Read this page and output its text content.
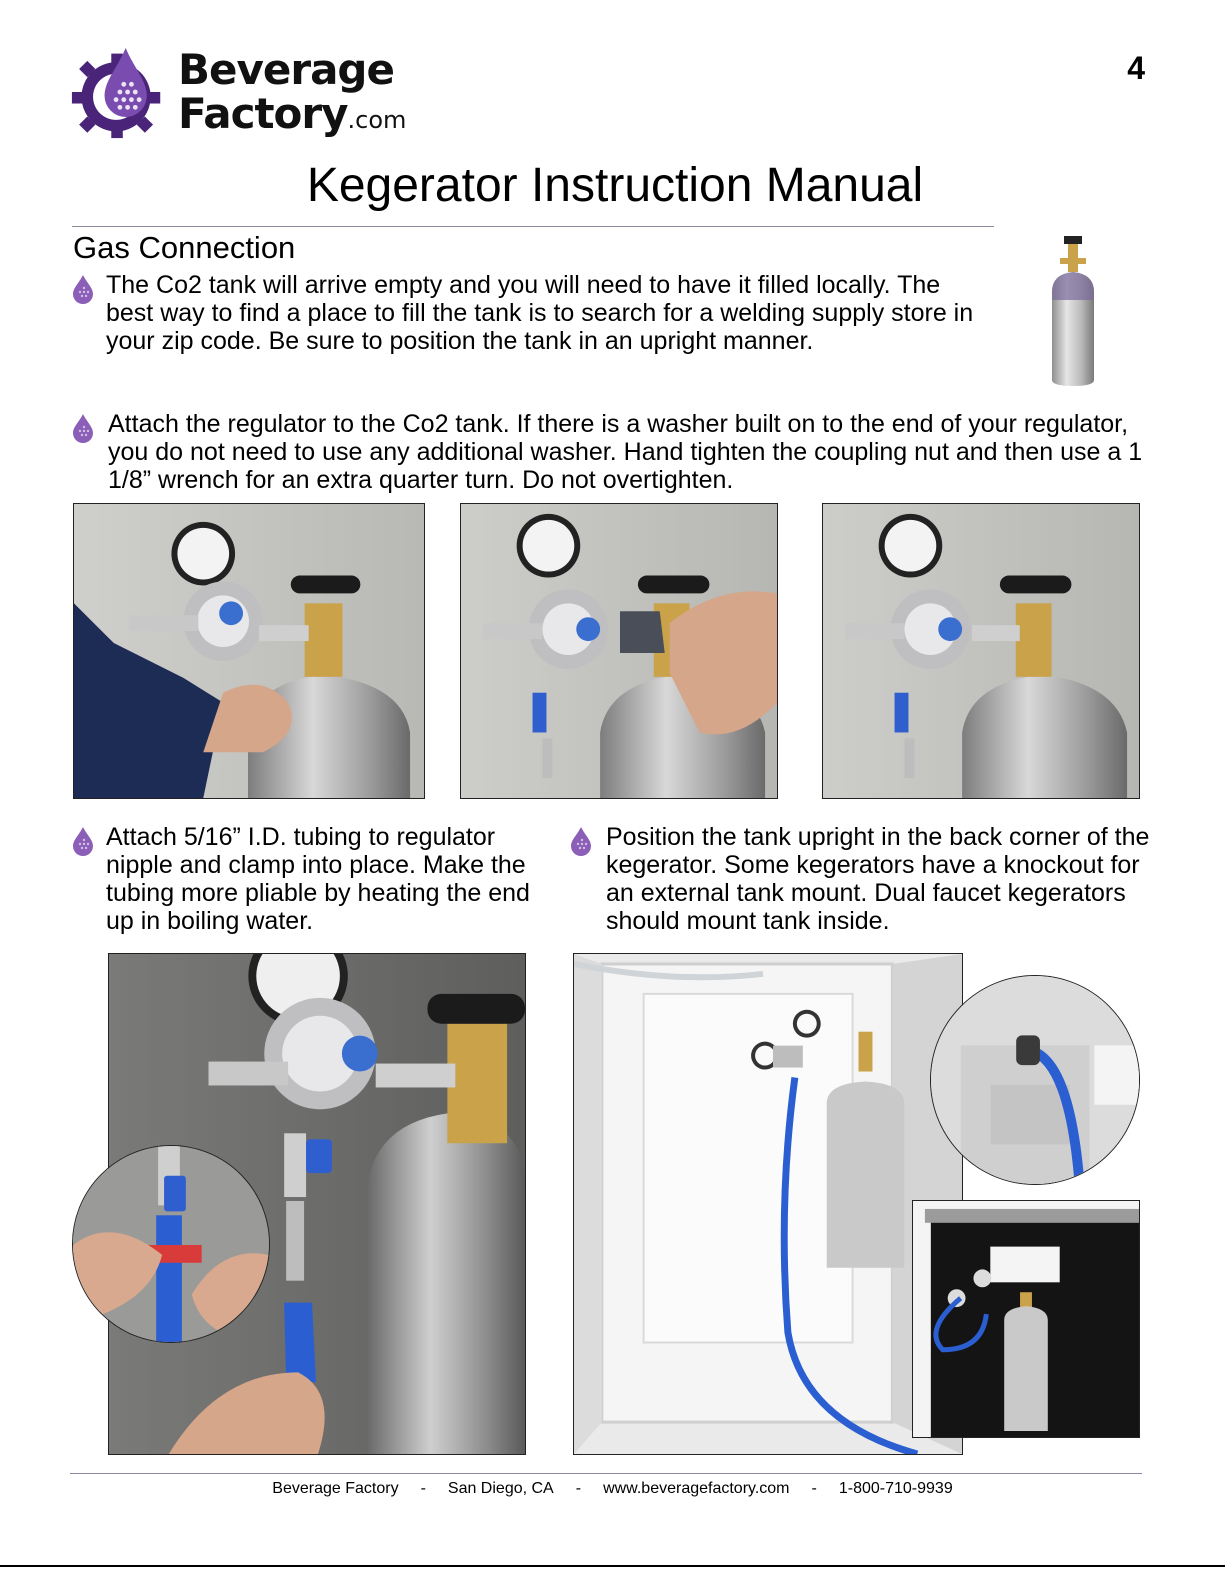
Beverage
Factory.com
4
Kegerator Instruction Manual
Gas Connection
The Co2 tank will arrive empty and you will need to have it filled locally. The best way to find a place to fill the tank is to search for a welding supply store in your zip code. Be sure to position the tank in an upright manner.
Attach the regulator to the Co2 tank. If there is a washer built on to the end of your regulator, you do not need to use any additional washer. Hand tighten the coupling nut and then use a 1 1/8” wrench for an extra quarter turn. Do not overtighten.
Attach 5/16” I.D. tubing to regulator nipple and clamp into place. Make the tubing more pliable by heating the end up in boiling water.
Position the tank upright in the back corner of the kegerator. Some kegerators have a knockout for an external tank mount. Dual faucet kegerators should mount tank inside.
Beverage Factory - San Diego, CA - www.beveragefactory.com - 1-800-710-9939
